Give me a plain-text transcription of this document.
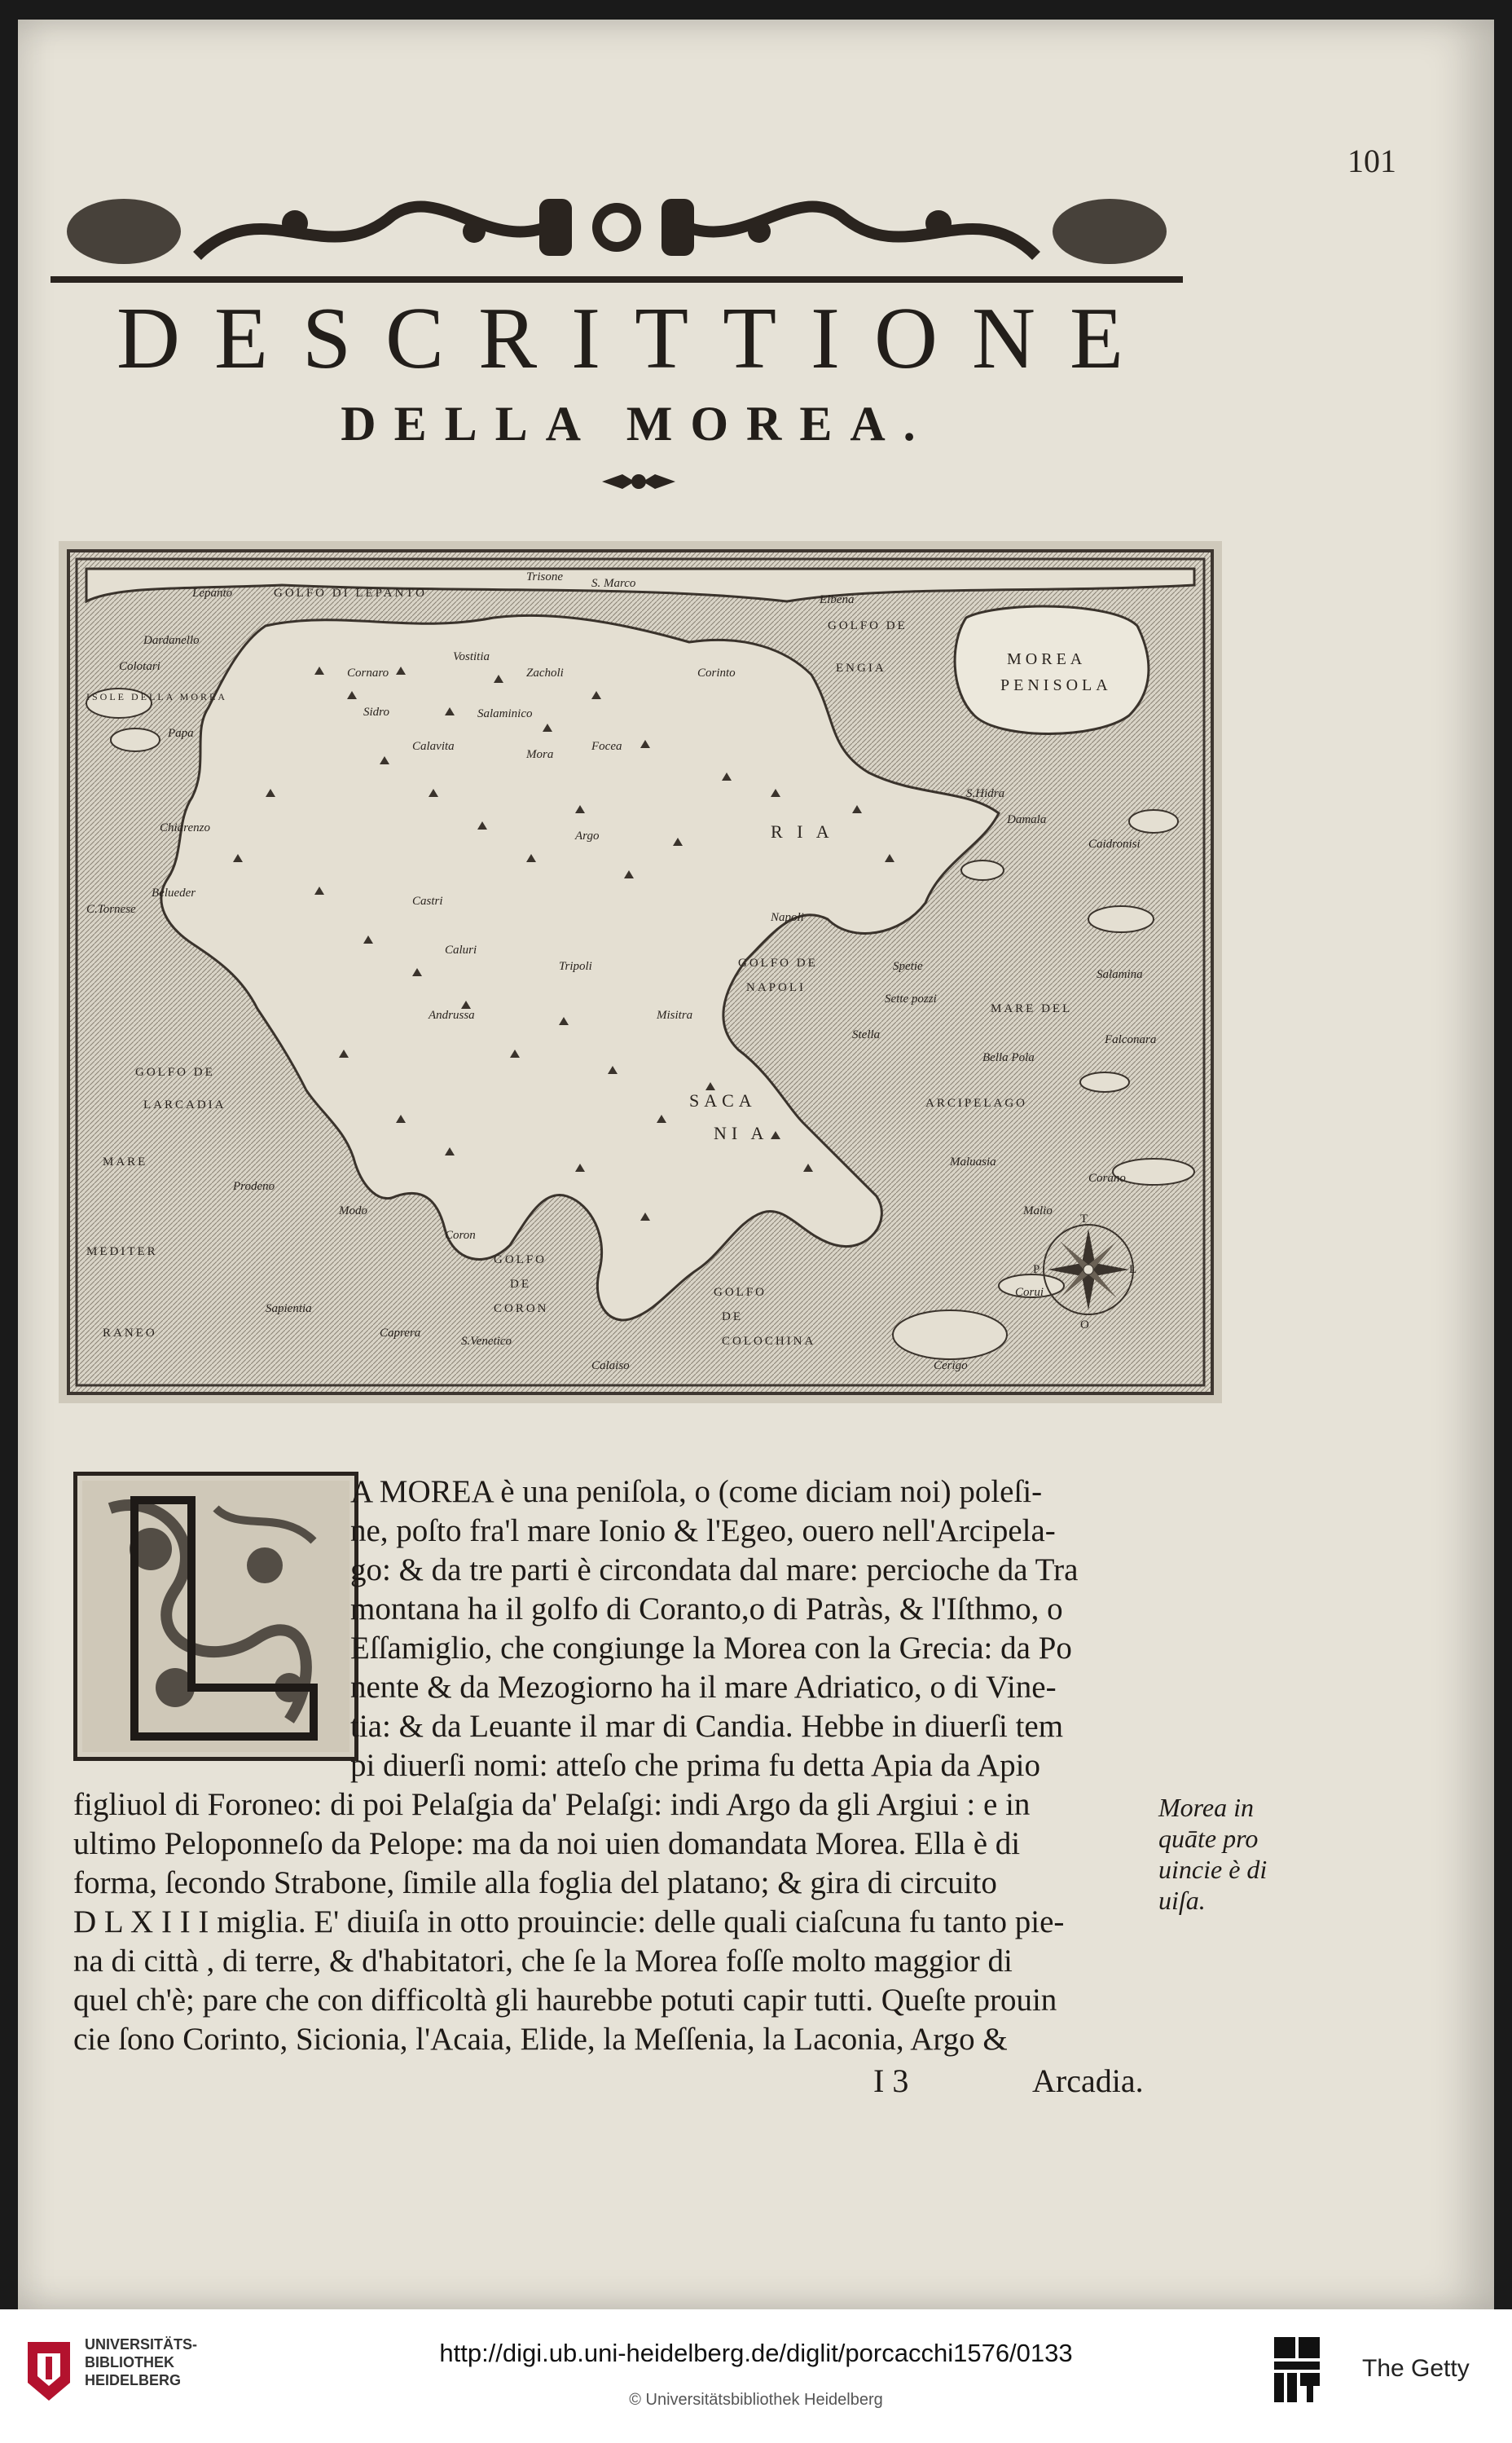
101
DESCRITTIONE
DELLA MOREA.
MOREA
PENISOLA
Lepanto	GOLFO DI LEPANTO
Trisone S. Marco
Elbena
GOLFO DE
ENGIA
Dardanello
Colotari
ISOLE DELLA MOREA
Papa
Cornaro
Vostitia
Zacholi	Corinto
Salaminico
Sidro
Calavita
Mora
Focea
Napoli
GOLFO DE
NAPOLI
Spetie
S.Hidra
Damala
Caidronisi
Salamina
Sette pozzi
MARE DEL
Falconara
Stella
Bella Pola
ARCIPELAGO
Maluasia
Corano
Malio
GOLFO DE
LARCADIA
MARE
MEDITER
RANEO
Prodeno
Sapientia
Caprera
S.Venetico
Calaiso
GOLFO
DE
CORON
GOLFO
DE
COLOCHINA
Cerigo
Corui
Modo
Coron
SACA
NI A
R I A
Argo
Tripoli
Castri
Andrussa	Misitra
Caluri
Chiarenzo
C.Tornese
Belueder
T
L
O
P
A MOREA è una peniſola, o (come diciam noi) poleſi-
ne, poſto fra'l mare Ionio & l'Egeo, ouero nell'Arcipela-
go: & da tre parti è circondata dal mare: percioche da Tra
montana ha il golfo di Coranto,o di Patràs, & l'Iſthmo, o
Eſſamiglio, che congiunge la Morea con la Grecia: da Po
nente & da Mezogiorno ha il mare Adriatico, o di Vine-
tia: & da Leuante il mar di Candia. Hebbe in diuerſi tem
pi diuerſi nomi: atteſo che prima fu detta Apia da Apio
figliuol di Foroneo: di poi Pelaſgia da' Pelaſgi: indi Argo da gli Argiui : e in
ultimo Peloponneſo da Pelope: ma da noi uien domandata Morea. Ella è di
forma, ſecondo Strabone, ſimile alla foglia del platano; & gira di circuito
D L X I I I miglia. E' diuiſa in otto prouincie: delle quali ciaſcuna fu tanto pie-
na di città , di terre, & d'habitatori, che ſe la Morea foſſe molto maggior di
quel ch'è; pare che con difficoltà gli haurebbe potuti capir tutti. Queſte prouin
cie ſono Corinto, Sicionia, l'Acaia, Elide, la Meſſenia, la Laconia, Argo &
Morea in
quāte pro
uincie è di
uiſa.
I 3	Arcadia.
UNIVERSITÄTS-
BIBLIOTHEK
HEIDELBERG
http://digi.ub.uni-heidelberg.de/diglit/porcacchi1576/0133
© Universitätsbibliothek Heidelberg
The Getty
